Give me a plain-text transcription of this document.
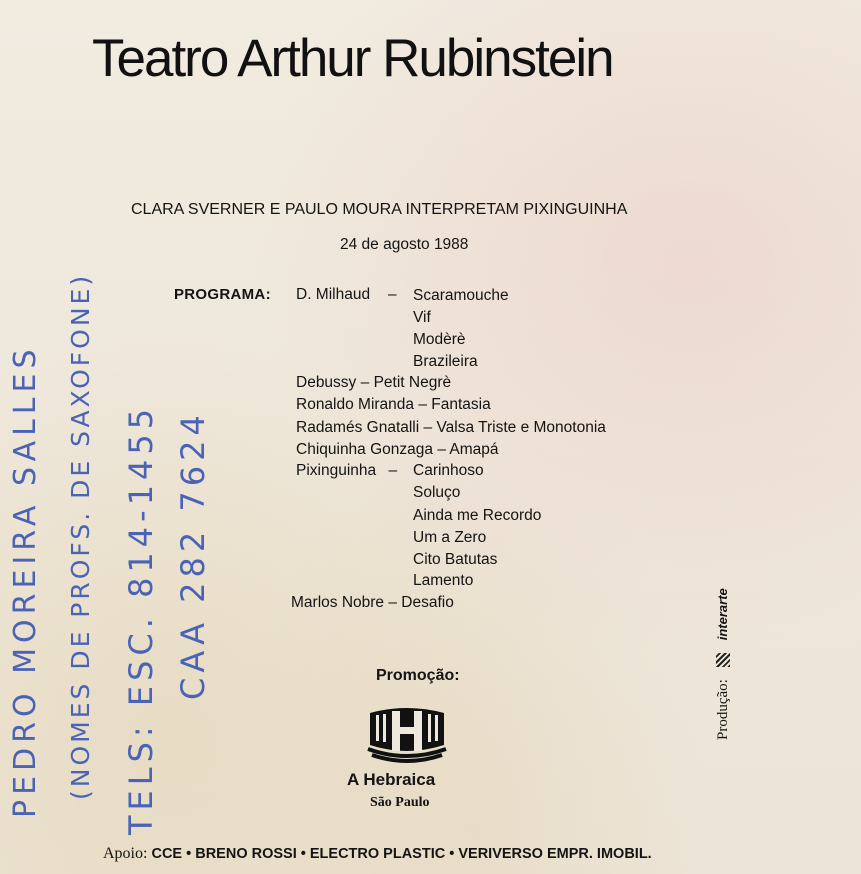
Teatro Arthur Rubinstein
CLARA SVERNER E PAULO MOURA INTERPRETAM PIXINGUINHA
24 de agosto 1988
PROGRAMA: D. Milhaud – Scaramouche
Vif
Modèrè
Brazileira
Debussy – Petit Negrè
Ronaldo Miranda – Fantasia
Radamés Gnatalli – Valsa Triste e Monotonia
Chiquinha Gonzaga – Amapá
Pixinguinha – Carinhoso
Soluço
Ainda me Recordo
Um a Zero
Cito Batutas
Lamento
Marlos Nobre – Desafio
Promoção:
A Hebraica
São Paulo
Produção:  interarte
Apoio: CCE • BRENO ROSSI • ELECTRO PLASTIC • VERIVERSO EMPR. IMOBIL.
PEDRO MOREIRA SALLES (NOMES DE PROFS. DE SAXOFONE) TELS: ESC. 814-1455 CAA 282 7624
